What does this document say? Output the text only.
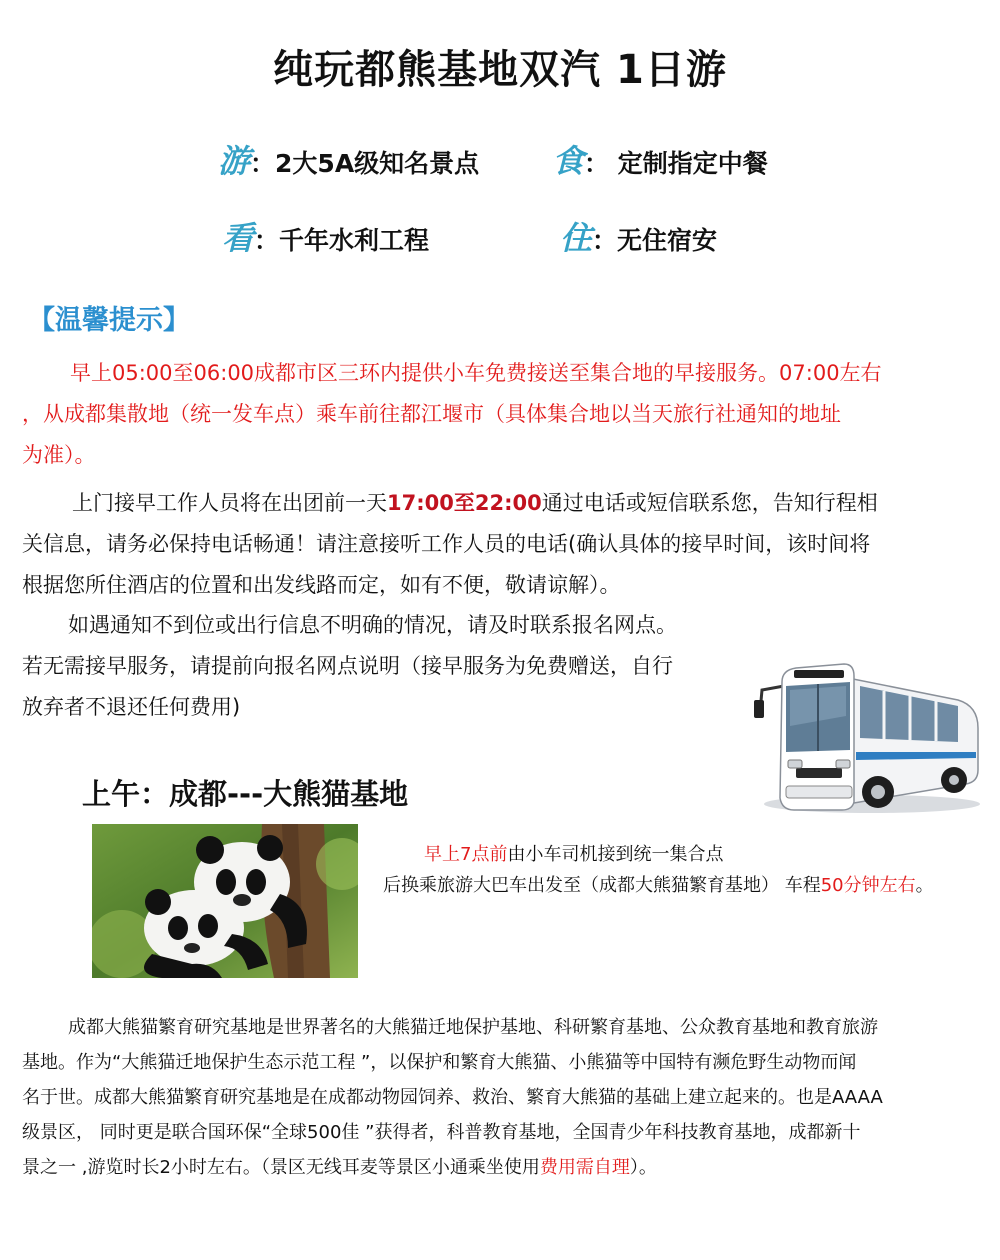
纯玩都熊基地双汽 1日游
游：2大5A级知名景点 食： 定制指定中餐
看：千年水利工程	住：无住宿安
【温馨提示】
早上05:00至06:00成都市区三环内提供小车免费接送至集合地的早接服务。07:00左右
，从成都集散地（统一发车点）乘车前往都江堰市（具体集合地以当天旅行社通知的地址
为准）。
上门接早工作人员将在出团前一天17:00至22:00通过电话或短信联系您，告知行程相
关信息，请务必保持电话畅通！请注意接听工作人员的电话(确认具体的接早时间，该时间将
根据您所住酒店的位置和出发线路而定，如有不便，敬请谅解）。
如遇通知不到位或出行信息不明确的情况，请及时联系报名网点。
若无需接早服务，请提前向报名网点说明（接早服务为免费赠送，自行
放弃者不退还任何费用)
上午：成都---大熊猫基地
早上7点前由小车司机接到统一集合点
后换乘旅游大巴车出发至（成都大熊猫繁育基地） 车程50分钟左右。
成都大熊猫繁育研究基地是世界著名的大熊猫迁地保护基地、科研繁育基地、公众教育基地和教育旅游
基地。作为“大熊猫迁地保护生态示范工程 ”，以保护和繁育大熊猫、小熊猫等中国特有濒危野生动物而闻
名于世。成都大熊猫繁育研究基地是在成都动物园饲养、救治、繁育大熊猫的基础上建立起来的。也是AAAA
级景区， 同时更是联合国环保“全球500佳 ”获得者，科普教育基地，全国青少年科技教育基地，成都新十
景之一 ,游览时长2小时左右。（景区无线耳麦等景区小通乘坐使用费用需自理）。
